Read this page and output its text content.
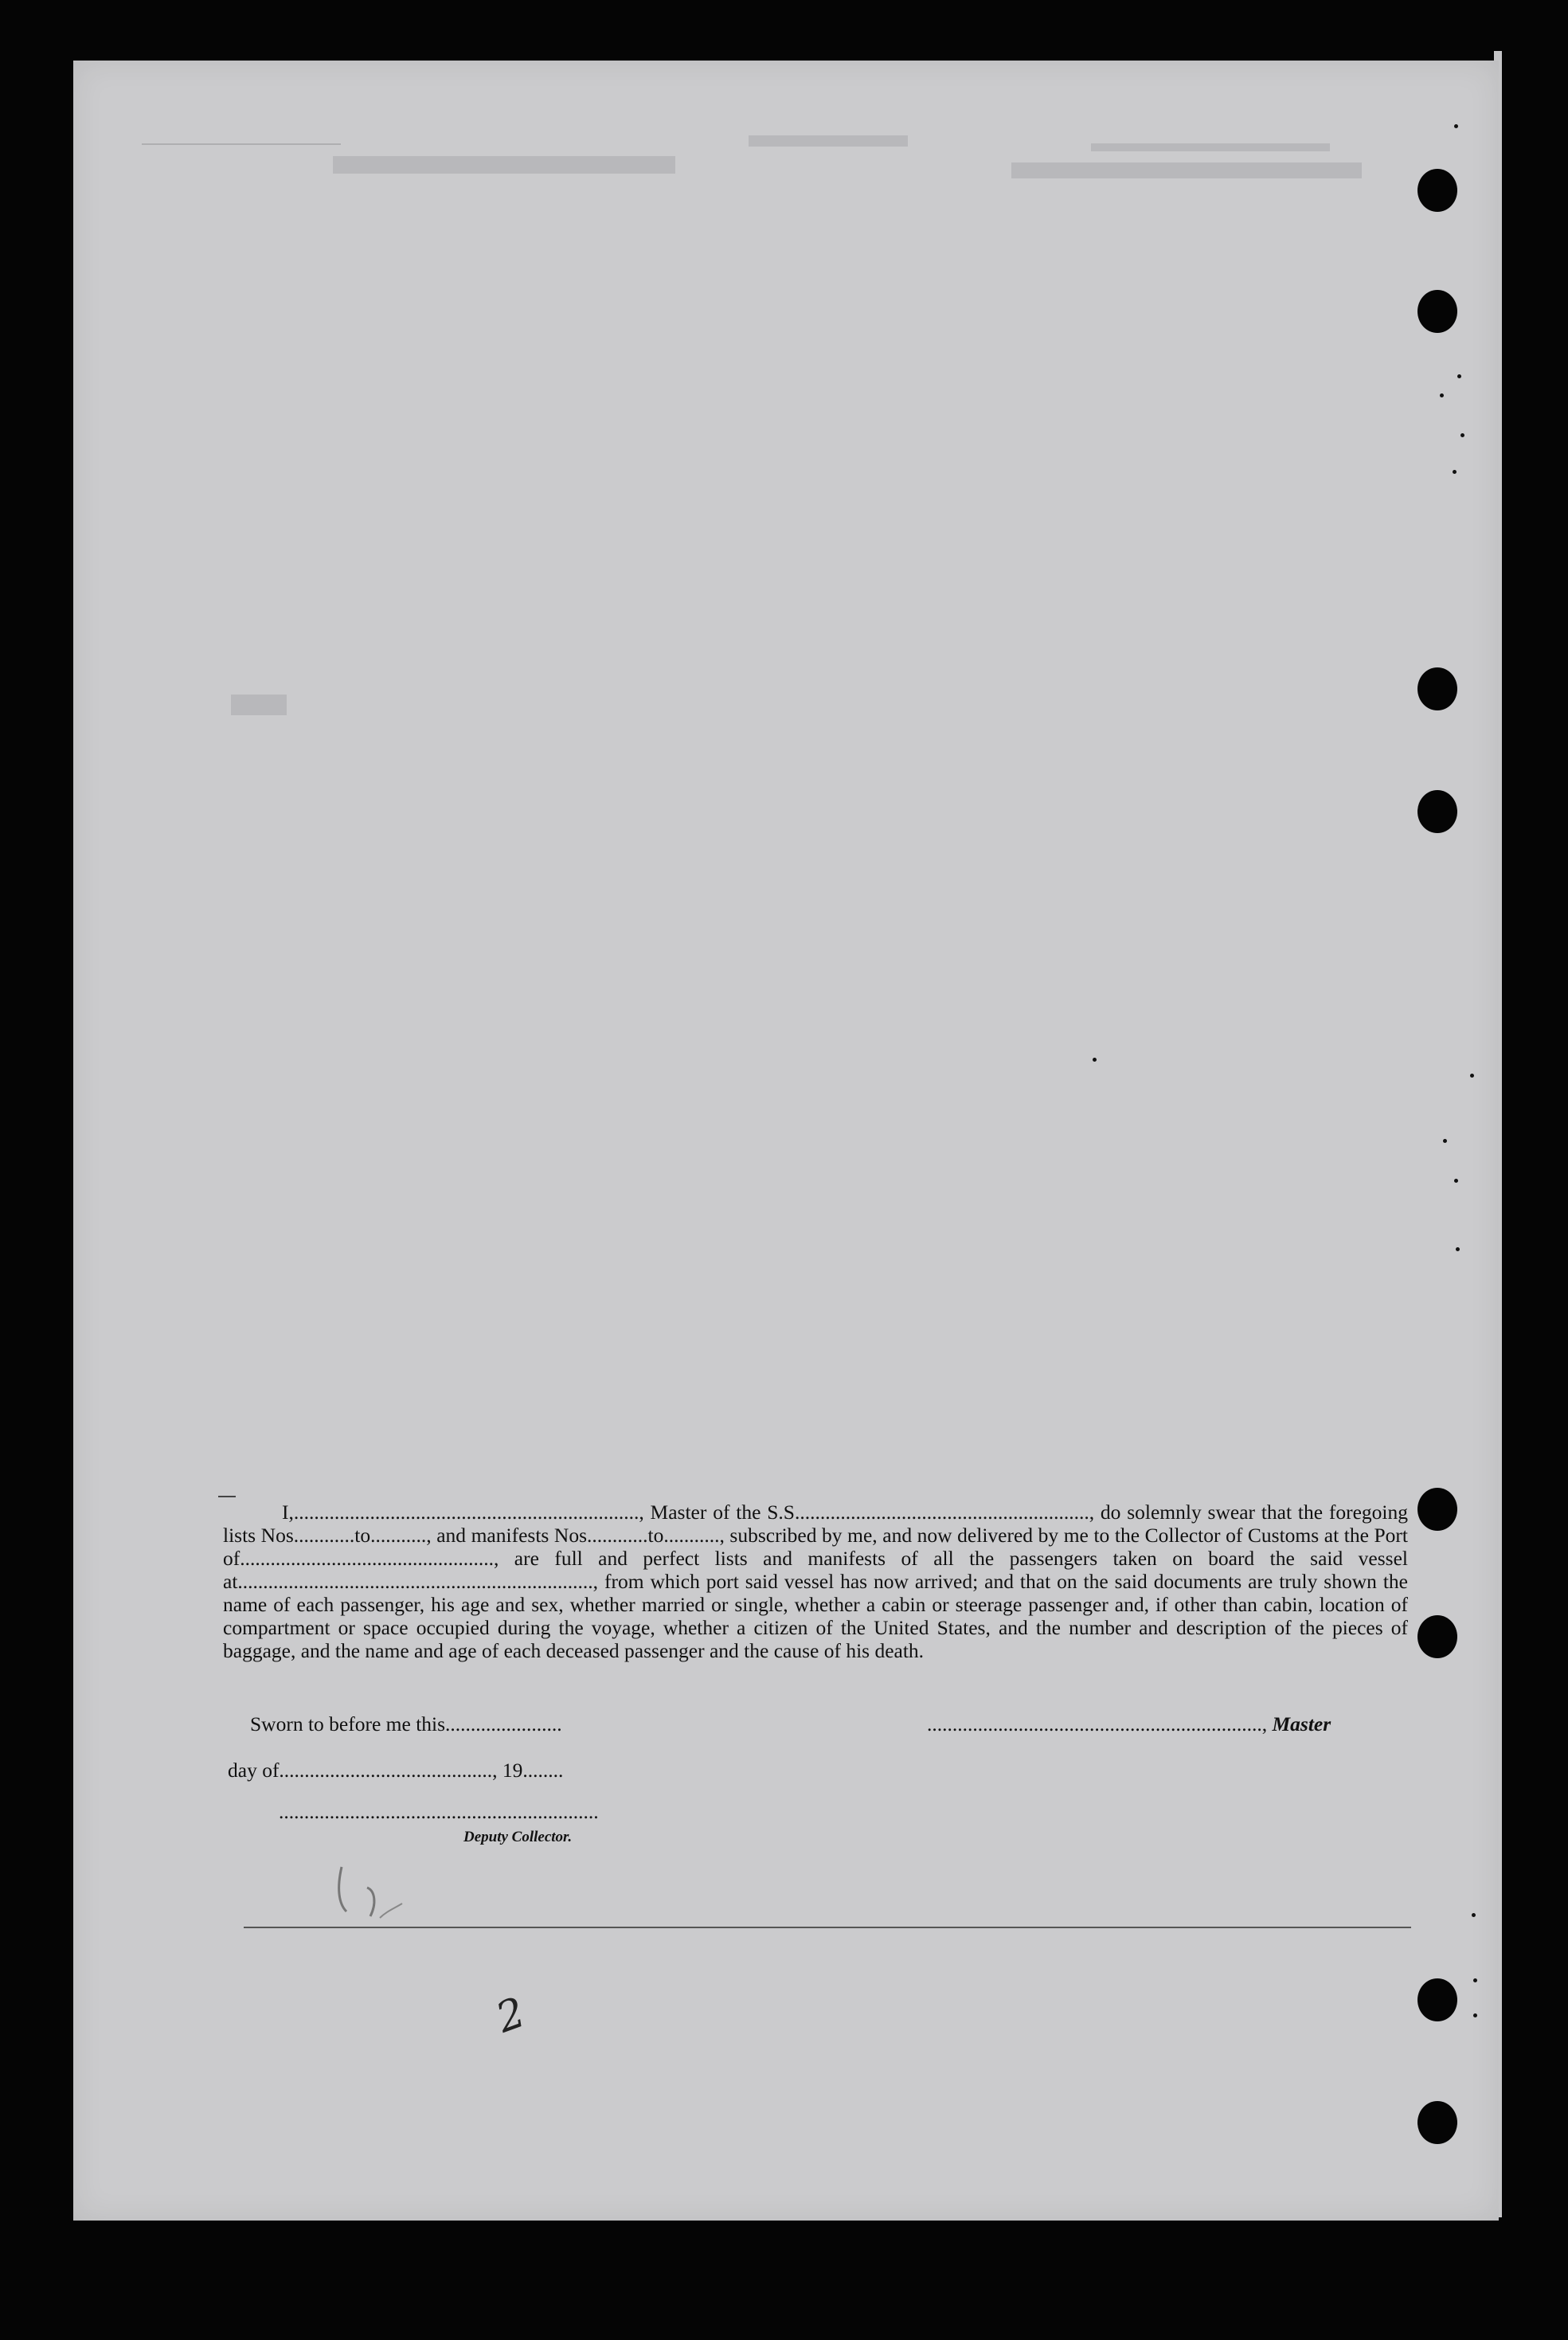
I,...................................................................., Master of the S.S.........................................................., do solemnly swear that the foregoing lists Nos............to..........., and manifests Nos............to..........., subscribed by me, and now delivered by me to the Collector of Customs at the Port of.................................................., are full and perfect lists and manifests of all the passengers taken on board the said vessel at......................................................................, from which port said vessel has now arrived; and that on the said documents are truly shown the name of each passenger, his age and sex, whether married or single, whether a cabin or steerage passenger and, if other than cabin, location of compartment or space occupied during the voyage, whether a citizen of the United States, and the number and description of the pieces of baggage, and the name and age of each deceased passenger and the cause of his death.

Sworn to before me this.......................	.................................................................., Master
day of.........................................., 19........
...............................................................
Deputy Collector.
2
